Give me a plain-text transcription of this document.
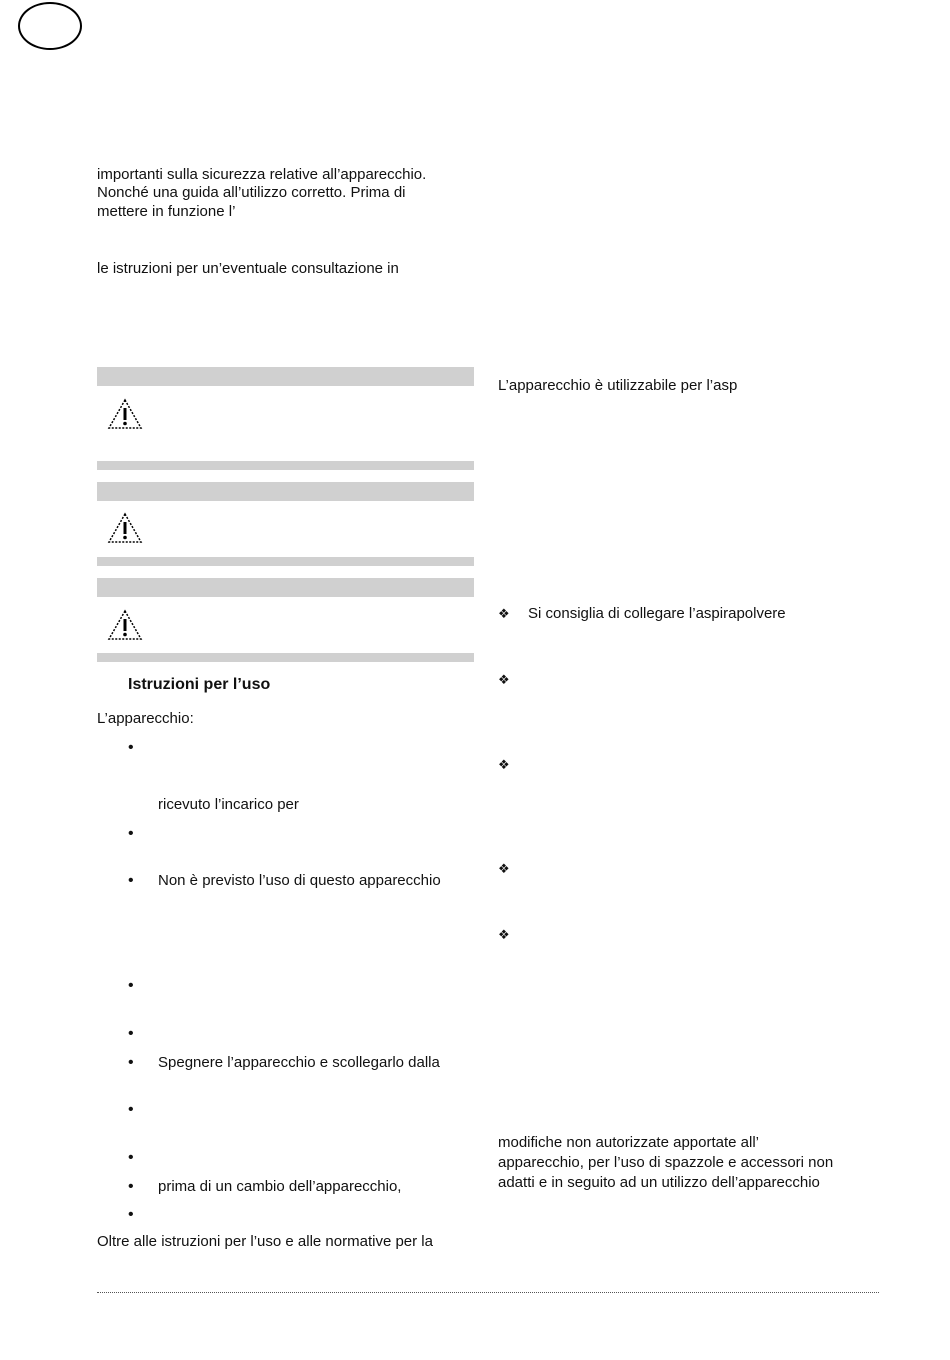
importanti sulla sicurezza relative all’apparecchio.
Nonché una guida all’utilizzo corretto. Prima di
mettere in funzione l’
le istruzioni per un’eventuale consultazione in
Istruzioni per l’uso
L’apparecchio:
•
ricevuto l’incarico per
•
• Non è previsto l’uso di questo apparecchio
•
•
• Spegnere l’apparecchio e scollegarlo dalla
•
•
• prima di un cambio dell’apparecchio,
•
Oltre alle istruzioni per l’uso e alle normative per la
L’apparecchio è utilizzabile per l’asp
❖ Si consiglia di collegare l’aspirapolvere
❖
❖
❖
❖
modifiche non autorizzate apportate all’
apparecchio, per l’uso di spazzole e accessori non
adatti e in seguito ad un utilizzo dell’apparecchio
